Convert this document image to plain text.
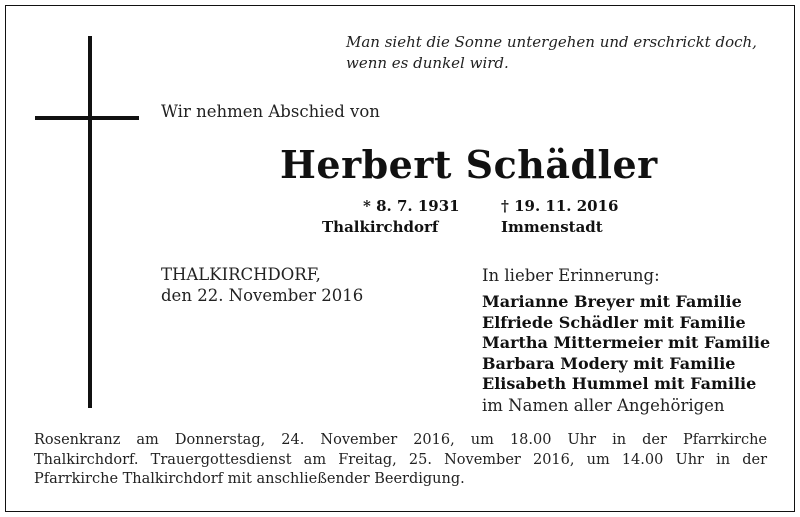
Man sieht die Sonne untergehen und erschrickt doch,
wenn es dunkel wird.
Wir nehmen Abschied von
Herbert Schädler
* 8. 7. 1931
Thalkirchdorf
† 19. 11. 2016
Immenstadt
THALKIRCHDORF,
den 22. November 2016
In lieber Erinnerung:
Marianne Breyer mit Familie
Elfriede Schädler mit Familie
Martha Mittermeier mit Familie
Barbara Modery mit Familie
Elisabeth Hummel mit Familie
im Namen aller Angehörigen
Rosenkranz am Donnerstag, 24. November 2016, um 18.00 Uhr in der Pfarrkirche
Thalkirchdorf. Trauergottesdienst am Freitag, 25. November 2016, um 14.00 Uhr in der
Pfarrkirche Thalkirchdorf mit anschließender Beerdigung.
